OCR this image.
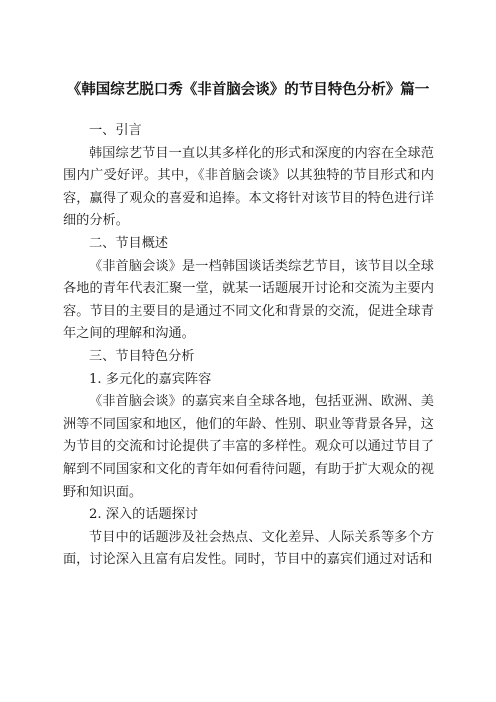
《韩国综艺脱口秀《非首脑会谈》的节目特色分析》篇一

一、引言

韩国综艺节目一直以其多样化的形式和深度的内容在全球范围内广受好评。其中，《非首脑会谈》以其独特的节目形式和内容，赢得了观众的喜爱和追捧。本文将针对该节目的特色进行详细的分析。

二、节目概述

《非首脑会谈》是一档韩国谈话类综艺节目，该节目以全球各地的青年代表汇聚一堂，就某一话题展开讨论和交流为主要内容。节目的主要目的是通过不同文化和背景的交流，促进全球青年之间的理解和沟通。

三、节目特色分析

1. 多元化的嘉宾阵容

《非首脑会谈》的嘉宾来自全球各地，包括亚洲、欧洲、美洲等不同国家和地区，他们的年龄、性别、职业等背景各异，这为节目的交流和讨论提供了丰富的多样性。观众可以通过节目了解到不同国家和文化的青年如何看待问题，有助于扩大观众的视野和知识面。

2. 深入的话题探讨

节目中的话题涉及社会热点、文化差异、人际关系等多个方面，讨论深入且富有启发性。同时，节目中的嘉宾们通过对话和
